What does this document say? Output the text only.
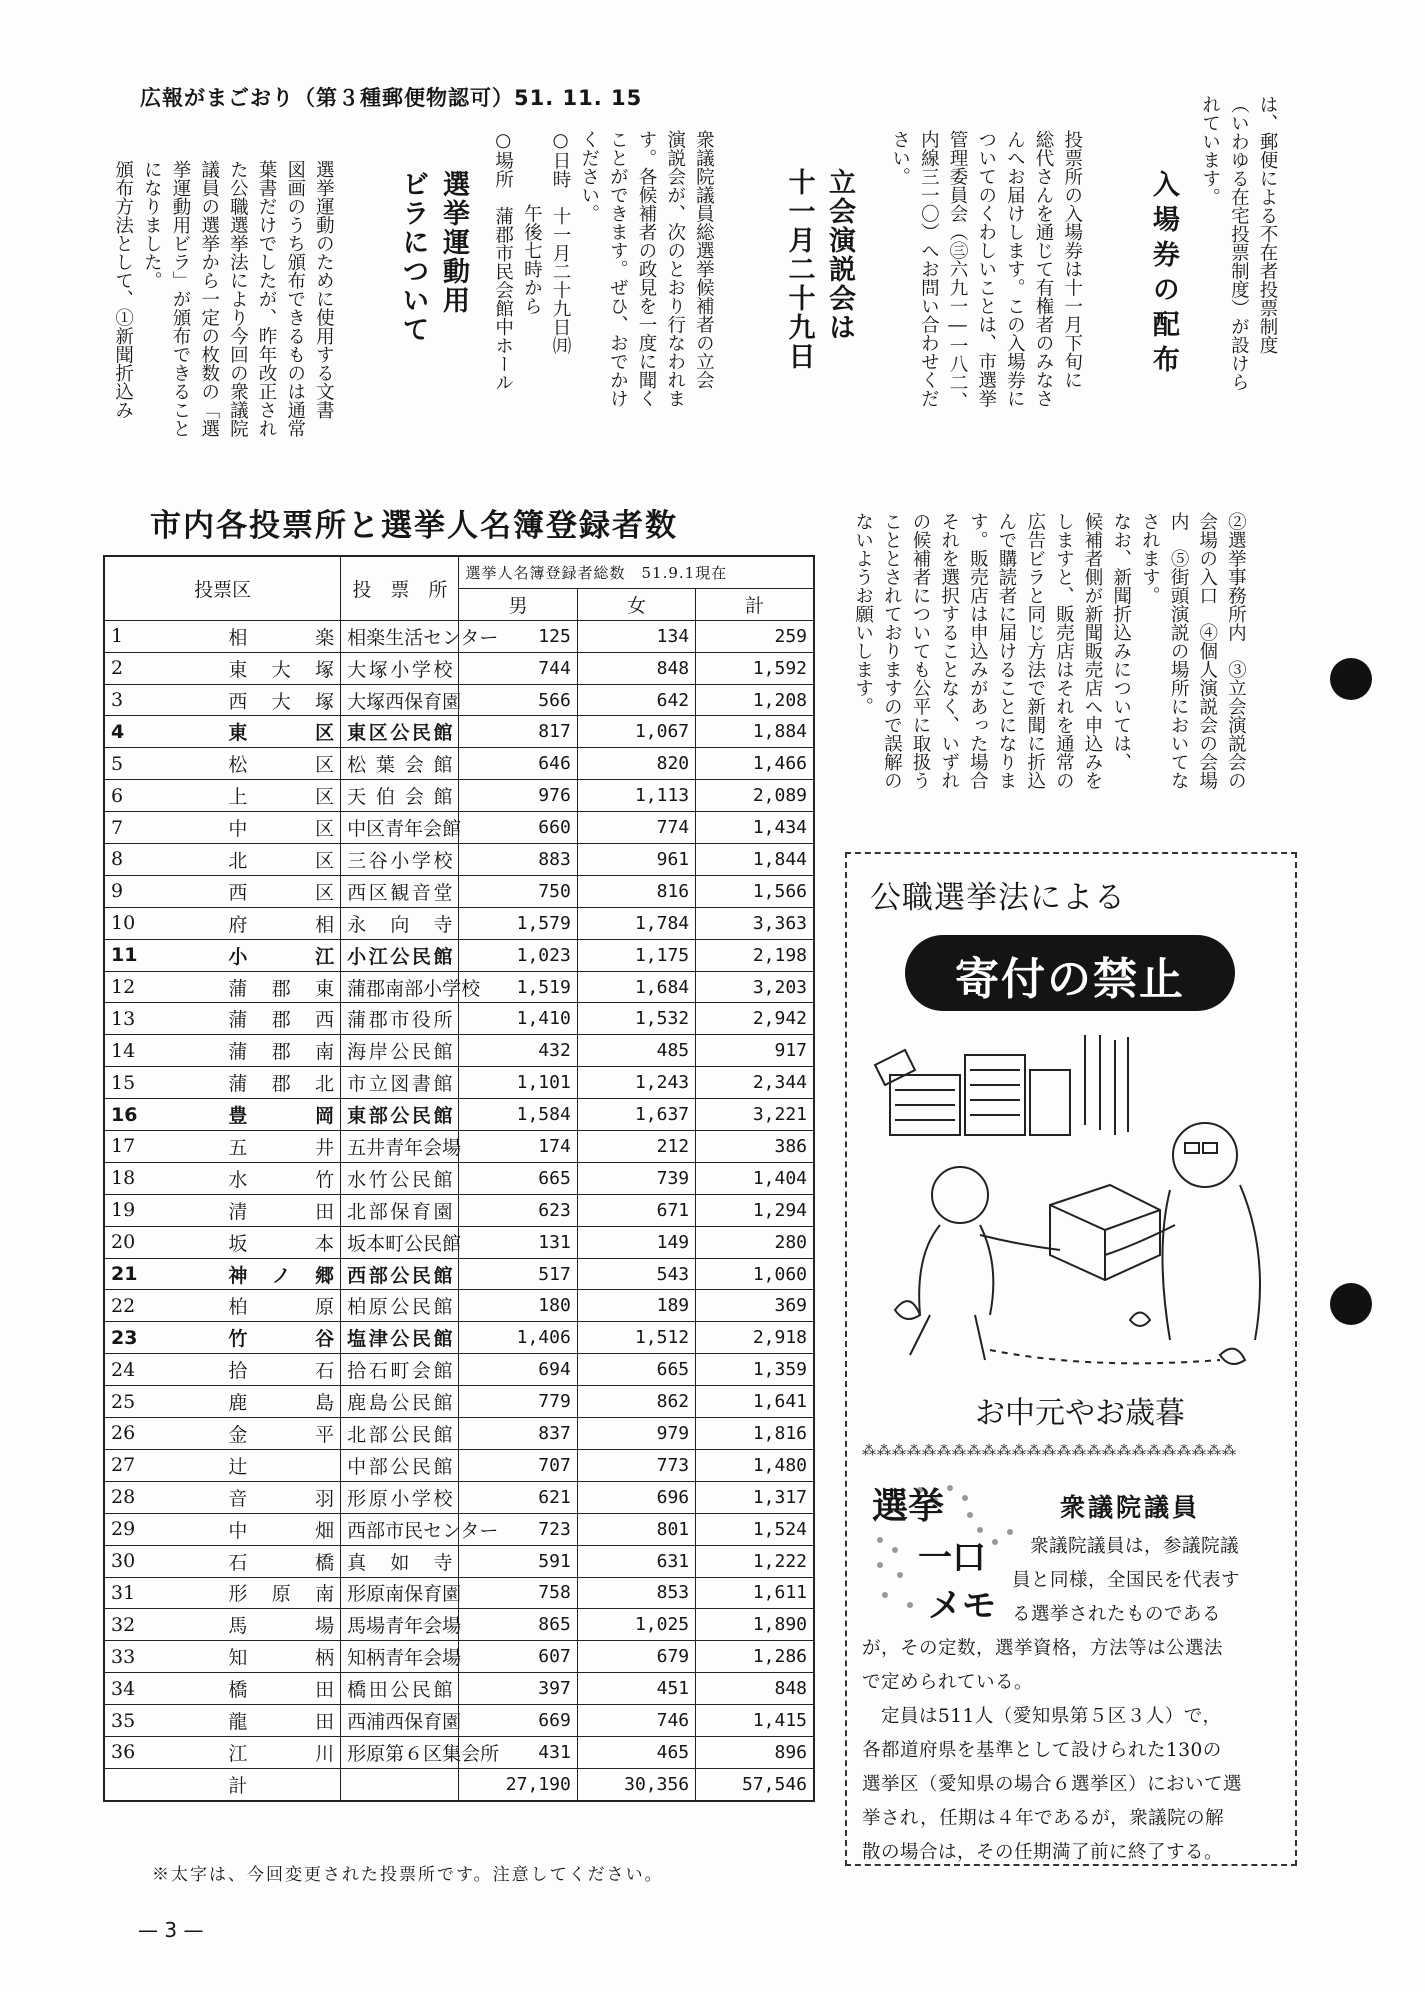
広報がまごおり（第３種郵便物認可）51. 11. 15	は、郵便による不在者投票制度
（いわゆる在宅投票制度）が設けら
れています。
入場券の配布
投票所の入場券は十一月下旬に
総代さんを通じて有権者のみなさ
んへお届けします。この入場券に
ついてのくわしいことは、市選挙
管理委員会（㊂六九一―一八二、
内線三一〇）へお問い合わせくだ
さい。
立会演説会は
十一月二十九日
衆議院議員総選挙候補者の立会
演説会が、次のとおり行なわれま
す。各候補者の政見を一度に聞く
ことができます。ぜひ、おでかけ
ください。
○日時　十一月二十九日㈪
　　　　午後七時から
○場所　蒲郡市民会館中ホール
選挙運動用
ビラについて
選挙運動のために使用する文書
図画のうち頒布できるものは通常
葉書だけでしたが、昨年改正され
た公職選挙法により今回の衆議院
議員の選挙から一定の枚数の「選
挙運動用ビラ」が頒布できること
になりました。
頒布方法として、①新聞折込み
②選挙事務所内　③立会演説会の
会場の入口　④個人演説会の会場
内　⑤街頭演説の場所においてな
されます。
なお、新聞折込みについては、
候補者側が新聞販売店へ申込みを
しますと、販売店はそれを通常の
広告ビラと同じ方法で新聞に折込
んで購読者に届けることになりま
す。販売店は申込みがあった場合
それを選択することなく、いずれ
の候補者についても公平に取扱う
こととされておりますので誤解の
ないようお願いします。
市内各投票所と選挙人名簿登録者数
投票区		投　票　所	選挙人名簿登録者総数　51.9.1現在		
			男	女	計
1	相楽	相楽生活センター	125	134	259
2	東大塚	大塚小学校	744	848	1,592
3	西大塚	大塚西保育園	566	642	1,208
4	東区	東区公民館	817	1,067	1,884
5	松区	松葉会館	646	820	1,466
6	上区	天伯会館	976	1,113	2,089
7	中区	中区青年会館	660	774	1,434
8	北区	三谷小学校	883	961	1,844
9	西区	西区観音堂	750	816	1,566
10	府相	永向寺	1,579	1,784	3,363
11	小江	小江公民館	1,023	1,175	2,198
12	蒲郡東	蒲郡南部小学校	1,519	1,684	3,203
13	蒲郡西	蒲郡市役所	1,410	1,532	2,942
14	蒲郡南	海岸公民館	432	485	917
15	蒲郡北	市立図書館	1,101	1,243	2,344
16	豊岡	東部公民館	1,584	1,637	3,221
17	五井	五井青年会場	174	212	386
18	水竹	水竹公民館	665	739	1,404
19	清田	北部保育園	623	671	1,294
20	坂本	坂本町公民館	131	149	280
21	神ノ郷	西部公民館	517	543	1,060
22	柏原	柏原公民館	180	189	369
23	竹谷	塩津公民館	1,406	1,512	2,918
24	拾石	拾石町会館	694	665	1,359
25	鹿島	鹿島公民館	779	862	1,641
26	金平	北部公民館	837	979	1,816
27	辻	中部公民館	707	773	1,480
28	音羽	形原小学校	621	696	1,317
29	中畑	西部市民センター	723	801	1,524
30	石橋	真如寺	591	631	1,222
31	形原南	形原南保育園	758	853	1,611
32	馬場	馬場青年会場	865	1,025	1,890
33	知柄	知柄青年会場	607	679	1,286
34	橋田	橋田公民館	397	451	848
35	龍田	西浦西保育園	669	746	1,415
36	江川	形原第６区集会所	431	465	896
	計		27,190	30,356	57,546
※太字は、今回変更された投票所です。注意してください。
公職選挙法による
寄付の禁止
お中元やお歳暮
⁂⁂⁂⁂⁂⁂⁂⁂⁂⁂⁂⁂⁂⁂⁂⁂⁂⁂⁂⁂⁂⁂⁂⁂⁂
選挙
一口
メモ
衆議院議員
衆議院議員は，参議院議
員と同様，全国民を代表す
る選挙されたものである
が，その定数，選挙資格，方法等は公選法
で定められている。
　定員は511人（愛知県第５区３人）で，
各都道府県を基準として設けられた130の
選挙区（愛知県の場合６選挙区）において選
挙され，任期は４年であるが，衆議院の解
散の場合は，その任期満了前に終了する。
— 3 —
